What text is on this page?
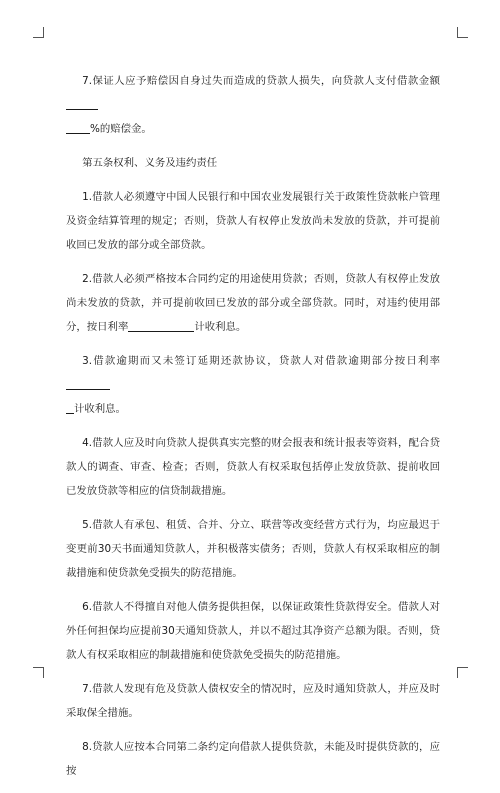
7.保证人应予赔偿因自身过失而造成的贷款人损失，向贷款人支付借款金额
%的赔偿金。

第五条权利、义务及违约责任

1.借款人必须遵守中国人民银行和中国农业发展银行关于政策性贷款帐户管理及资金结算管理的规定；否则，贷款人有权停止发放尚未发放的贷款，并可提前收回已发放的部分或全部贷款。

2.借款人必须严格按本合同约定的用途使用贷款；否则，贷款人有权停止发放尚未发放的贷款，并可提前收回已发放的部分或全部贷款。同时，对违约使用部分，按日利率	计收利息。

3.借款逾期而又未签订延期还款协议，贷款人对借款逾期部分按日利率
计收利息。

4.借款人应及时向贷款人提供真实完整的财会报表和统计报表等资料，配合贷款人的调查、审查、检查；否则，贷款人有权采取包括停止发放贷款、提前收回已发放贷款等相应的信贷制裁措施。

5.借款人有承包、租赁、合并、分立、联营等改变经营方式行为，均应最迟于变更前30天书面通知贷款人，并积极落实债务；否则，贷款人有权采取相应的制裁措施和使贷款免受损失的防范措施。

6.借款人不得擅自对他人债务提供担保，以保证政策性贷款得安全。借款人对外任何担保均应提前30天通知贷款人，并以不超过其净资产总额为限。否则，贷款人有权采取相应的制裁措施和使贷款免受损失的防范措施。

7.借款人发现有危及贷款人债权安全的情况时，应及时通知贷款人，并应及时采取保全措施。

8.贷款人应按本合同第二条约定向借款人提供贷款，未能及时提供贷款的，应按
